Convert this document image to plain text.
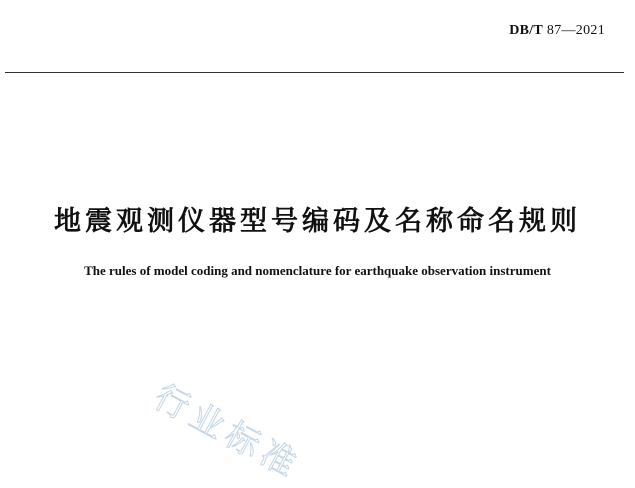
DB/T 87—2021
地震观测仪器型号编码及名称命名规则
The rules of model coding and nomenclature for earthquake observation instrument
行业标准
